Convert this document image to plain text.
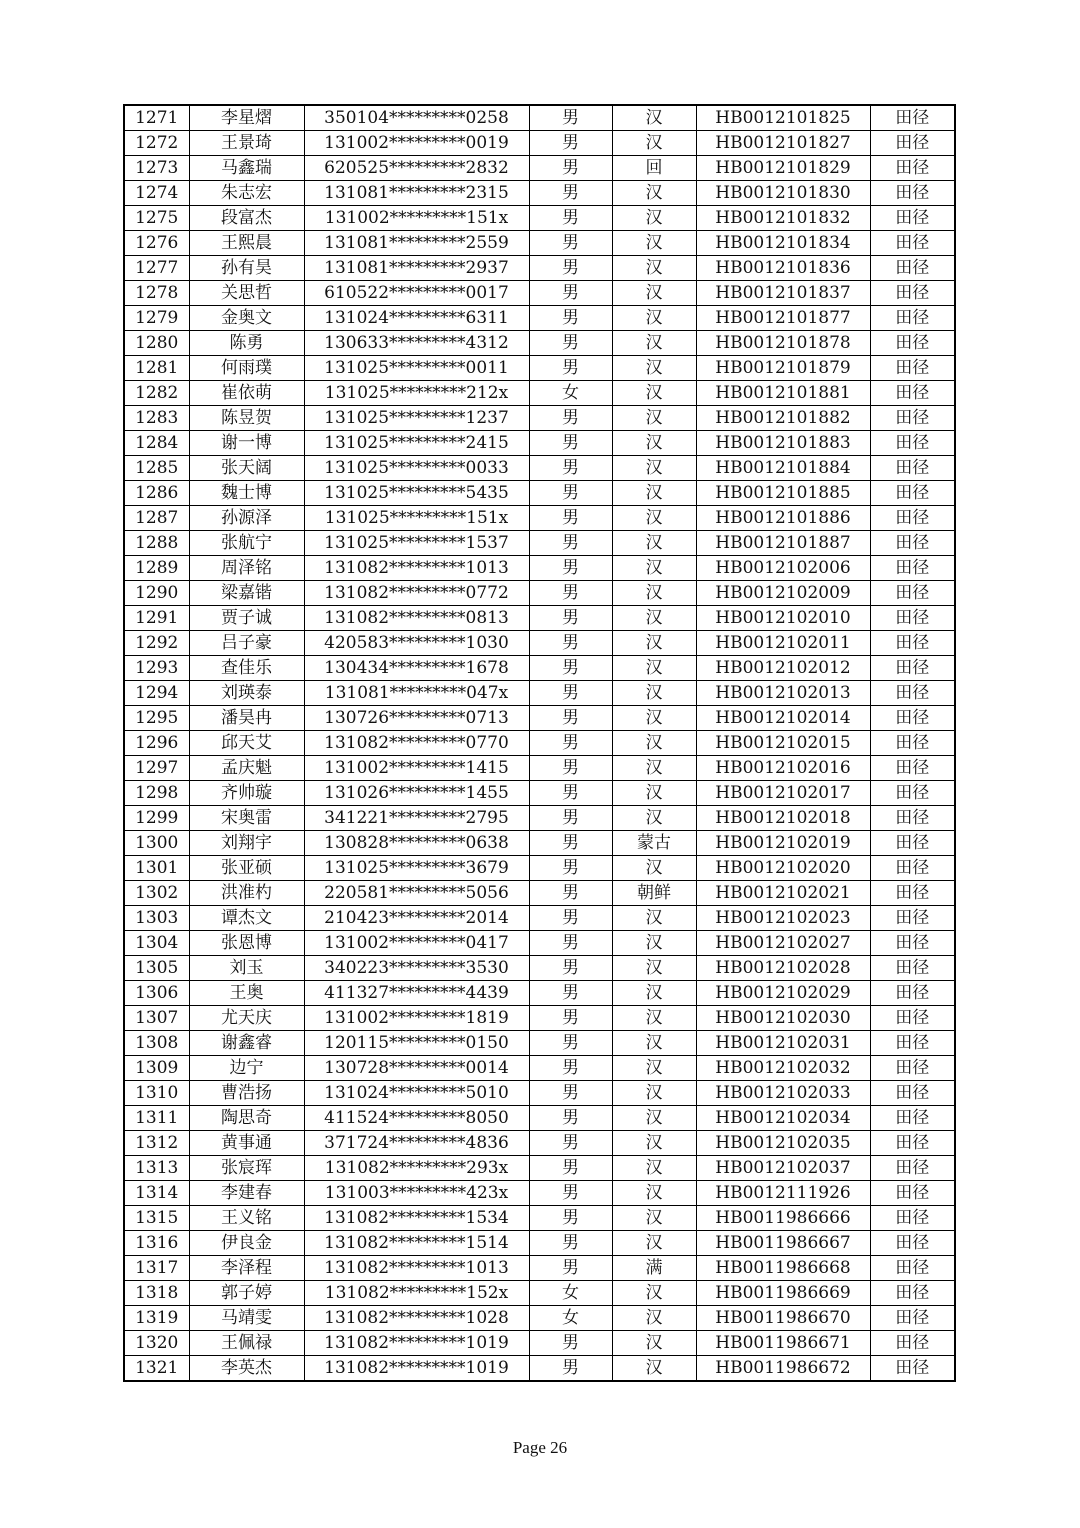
1271	李星熠	350104*********0258	男	汉	HB0012101825	田径
1272	王景琦	131002*********0019	男	汉	HB0012101827	田径
1273	马鑫瑞	620525*********2832	男	回	HB0012101829	田径
1274	朱志宏	131081*********2315	男	汉	HB0012101830	田径
1275	段富杰	131002*********151x	男	汉	HB0012101832	田径
1276	王熙晨	131081*********2559	男	汉	HB0012101834	田径
1277	孙有昊	131081*********2937	男	汉	HB0012101836	田径
1278	关思哲	610522*********0017	男	汉	HB0012101837	田径
1279	金奥文	131024*********6311	男	汉	HB0012101877	田径
1280	陈勇	130633*********4312	男	汉	HB0012101878	田径
1281	何雨璞	131025*********0011	男	汉	HB0012101879	田径
1282	崔依萌	131025*********212x	女	汉	HB0012101881	田径
1283	陈昱贺	131025*********1237	男	汉	HB0012101882	田径
1284	谢一博	131025*********2415	男	汉	HB0012101883	田径
1285	张天阔	131025*********0033	男	汉	HB0012101884	田径
1286	魏士博	131025*********5435	男	汉	HB0012101885	田径
1287	孙源泽	131025*********151x	男	汉	HB0012101886	田径
1288	张航宁	131025*********1537	男	汉	HB0012101887	田径
1289	周泽铭	131082*********1013	男	汉	HB0012102006	田径
1290	梁嘉锴	131082*********0772	男	汉	HB0012102009	田径
1291	贾子诚	131082*********0813	男	汉	HB0012102010	田径
1292	吕子豪	420583*********1030	男	汉	HB0012102011	田径
1293	查佳乐	130434*********1678	男	汉	HB0012102012	田径
1294	刘瑛泰	131081*********047x	男	汉	HB0012102013	田径
1295	潘昊冉	130726*********0713	男	汉	HB0012102014	田径
1296	邱天艾	131082*********0770	男	汉	HB0012102015	田径
1297	孟庆魁	131002*********1415	男	汉	HB0012102016	田径
1298	齐帅璇	131026*********1455	男	汉	HB0012102017	田径
1299	宋奥雷	341221*********2795	男	汉	HB0012102018	田径
1300	刘翔宇	130828*********0638	男	蒙古	HB0012102019	田径
1301	张亚硕	131025*********3679	男	汉	HB0012102020	田径
1302	洪准杓	220581*********5056	男	朝鲜	HB0012102021	田径
1303	谭杰文	210423*********2014	男	汉	HB0012102023	田径
1304	张恩博	131002*********0417	男	汉	HB0012102027	田径
1305	刘玉	340223*********3530	男	汉	HB0012102028	田径
1306	王奥	411327*********4439	男	汉	HB0012102029	田径
1307	尤天庆	131002*********1819	男	汉	HB0012102030	田径
1308	谢鑫睿	120115*********0150	男	汉	HB0012102031	田径
1309	边宁	130728*********0014	男	汉	HB0012102032	田径
1310	曹浩扬	131024*********5010	男	汉	HB0012102033	田径
1311	陶思奇	411524*********8050	男	汉	HB0012102034	田径
1312	黄事通	371724*********4836	男	汉	HB0012102035	田径
1313	张宸珲	131082*********293x	男	汉	HB0012102037	田径
1314	李建春	131003*********423x	男	汉	HB0012111926	田径
1315	王义铭	131082*********1534	男	汉	HB0011986666	田径
1316	伊良金	131082*********1514	男	汉	HB0011986667	田径
1317	李泽程	131082*********1013	男	满	HB0011986668	田径
1318	郭子婷	131082*********152x	女	汉	HB0011986669	田径
1319	马靖雯	131082*********1028	女	汉	HB0011986670	田径
1320	王佩禄	131082*********1019	男	汉	HB0011986671	田径
1321	李英杰	131082*********1019	男	汉	HB0011986672	田径
Page 26
